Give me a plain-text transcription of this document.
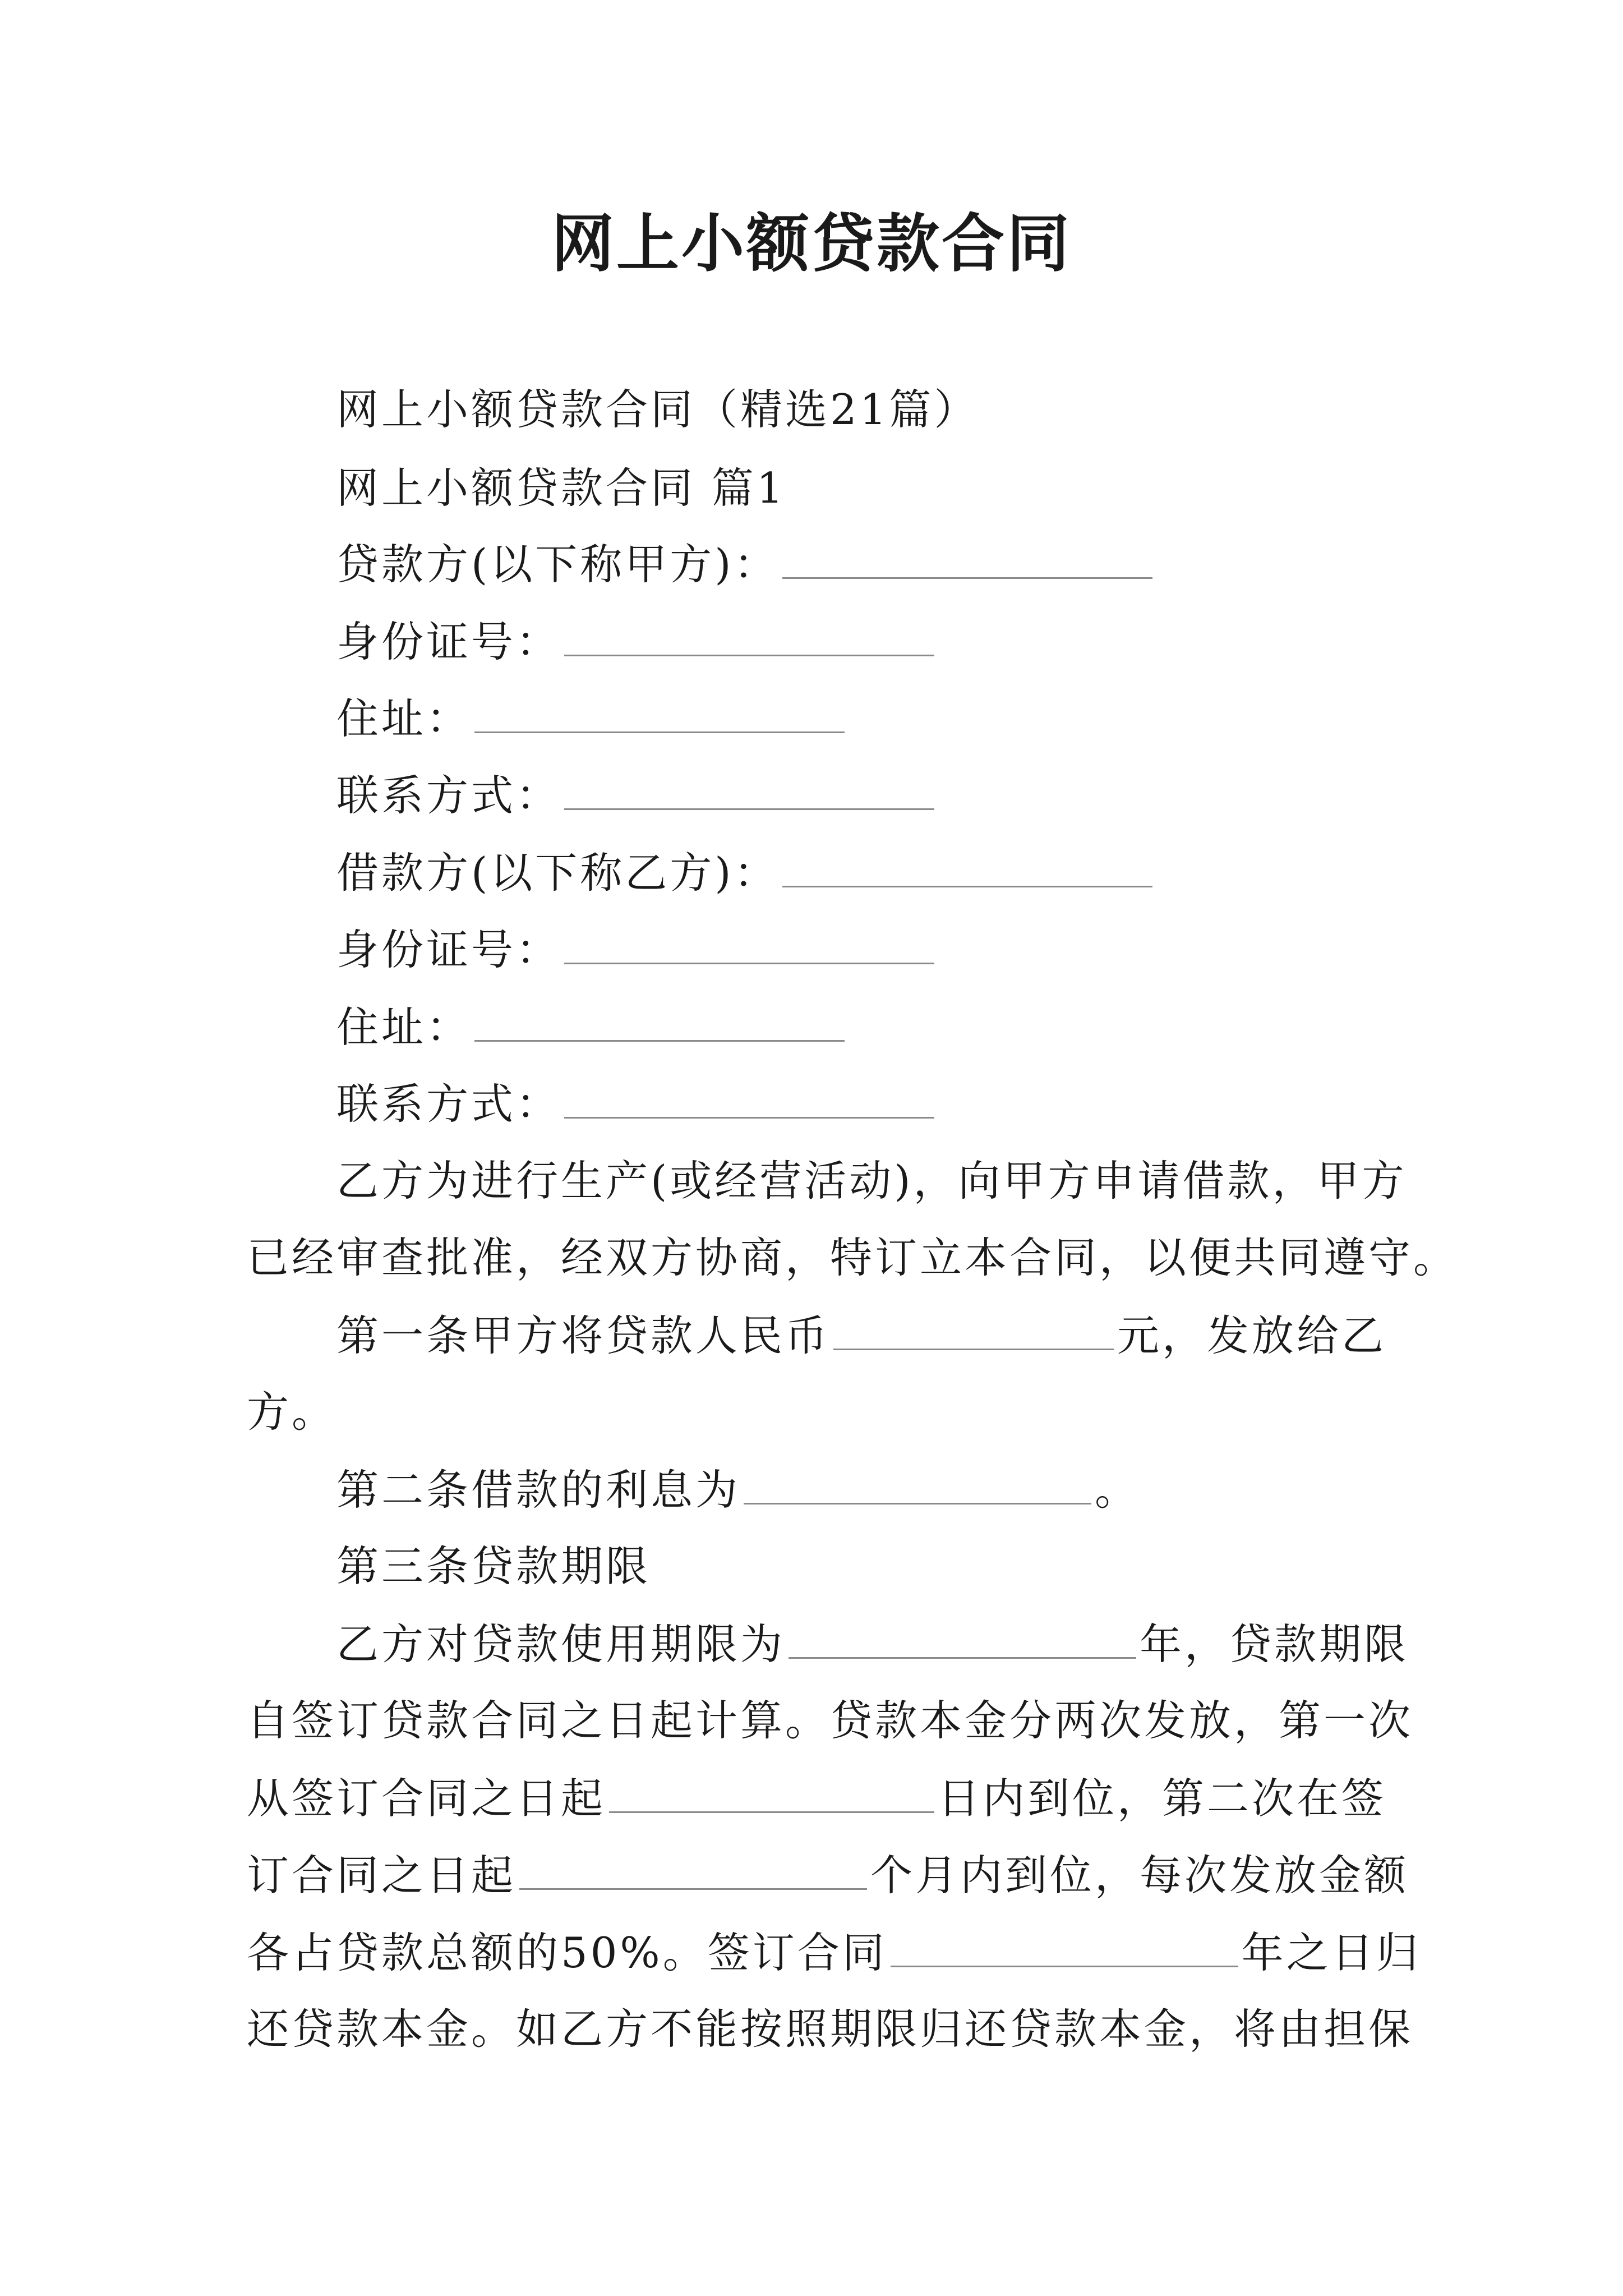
网上小额贷款合同
网上小额贷款合同（精选21篇）
网上小额贷款合同 篇1
贷款方(以下称甲方)：
身份证号：
住址：
联系方式：
借款方(以下称乙方)：
身份证号：
住址：
联系方式：
乙方为进行生产(或经营活动)，向甲方申请借款，甲方
已经审查批准，经双方协商，特订立本合同，以便共同遵守。
第一条甲方将贷款人民币	元，发放给乙
方。
第二条借款的利息为	。
第三条贷款期限
乙方对贷款使用期限为	年，贷款期限
自签订贷款合同之日起计算。贷款本金分两次发放，第一次
从签订合同之日起	日内到位，第二次在签
订合同之日起	个月内到位，每次发放金额
各占贷款总额的50%。签订合同	年之日归
还贷款本金。如乙方不能按照期限归还贷款本金，将由担保
